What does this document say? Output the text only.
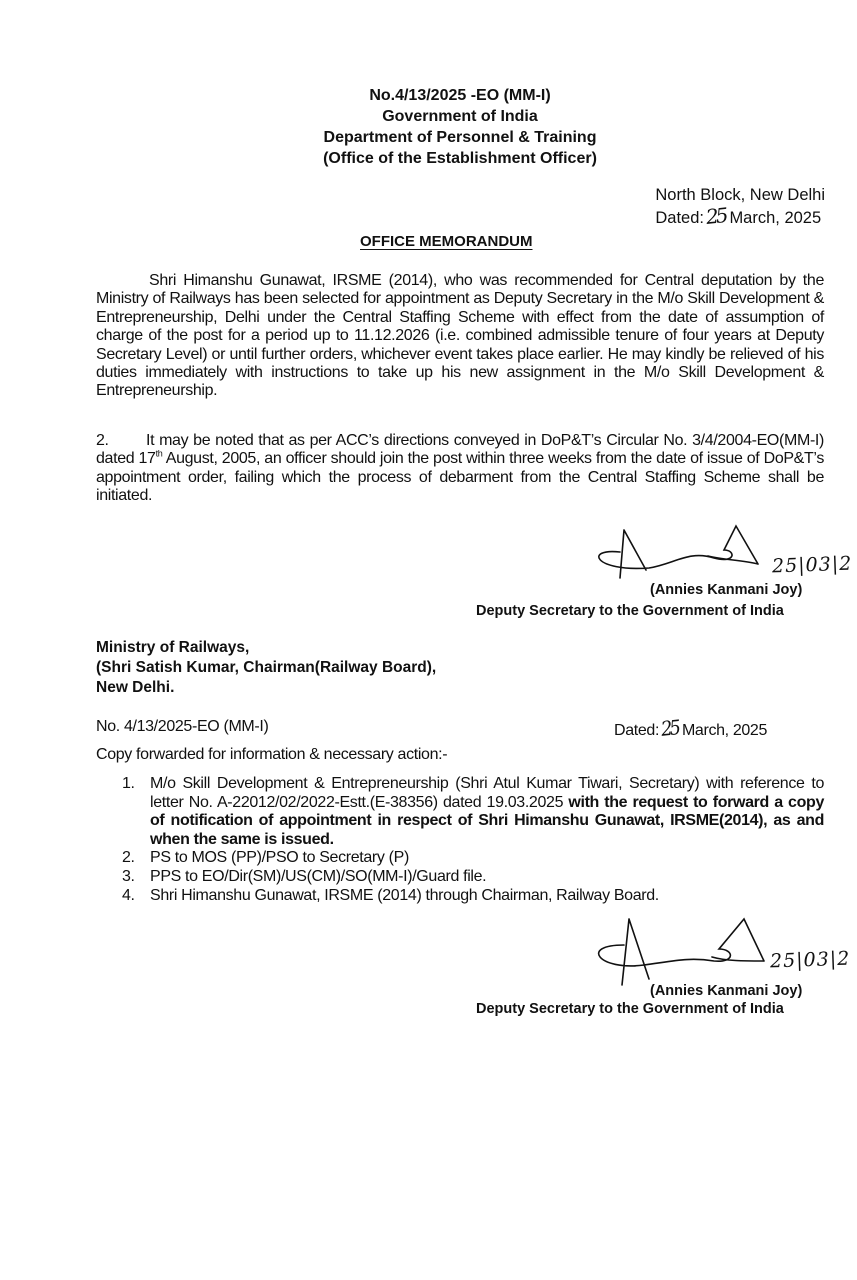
No.4/13/2025 -EO (MM-I)
Government of India
Department of Personnel & Training
(Office of the Establishment Officer)
North Block, New Delhi
Dated:25 March, 2025
OFFICE MEMORANDUM
Shri Himanshu Gunawat, IRSME (2014), who was recommended for Central deputation by the Ministry of Railways has been selected for appointment as Deputy Secretary in the M/o Skill Development & Entrepreneurship, Delhi under the Central Staffing Scheme with effect from the date of assumption of charge of the post for a period up to 11.12.2026 (i.e. combined admissible tenure of four years at Deputy Secretary Level) or until further orders, whichever event takes place earlier. He may kindly be relieved of his duties immediately with instructions to take up his new assignment in the M/o Skill Development & Entrepreneurship.
2. It may be noted that as per ACC’s directions conveyed in DoP&T’s Circular No. 3/4/2004-EO(MM-I) dated 17th August, 2005, an officer should join the post within three weeks from the date of issue of DoP&T’s appointment order, failing which the process of debarment from the Central Staffing Scheme shall be initiated.
25|03|2
(Annies Kanmani Joy)
Deputy Secretary to the Government of India
Ministry of Railways,
(Shri Satish Kumar, Chairman(Railway Board),
New Delhi.
No. 4/13/2025-EO (MM-I)	Dated:25 March, 2025
Copy forwarded for information & necessary action:-
1. M/o Skill Development & Entrepreneurship (Shri Atul Kumar Tiwari, Secretary) with reference to letter No. A-22012/02/2022-Estt.(E-38356) dated 19.03.2025 with the request to forward a copy of notification of appointment in respect of Shri Himanshu Gunawat, IRSME(2014), as and when the same is issued.
2. PS to MOS (PP)/PSO to Secretary (P)
3. PPS to EO/Dir(SM)/US(CM)/SO(MM-I)/Guard file.
4. Shri Himanshu Gunawat, IRSME (2014) through Chairman, Railway Board.
25|03|2
(Annies Kanmani Joy)
Deputy Secretary to the Government of India
